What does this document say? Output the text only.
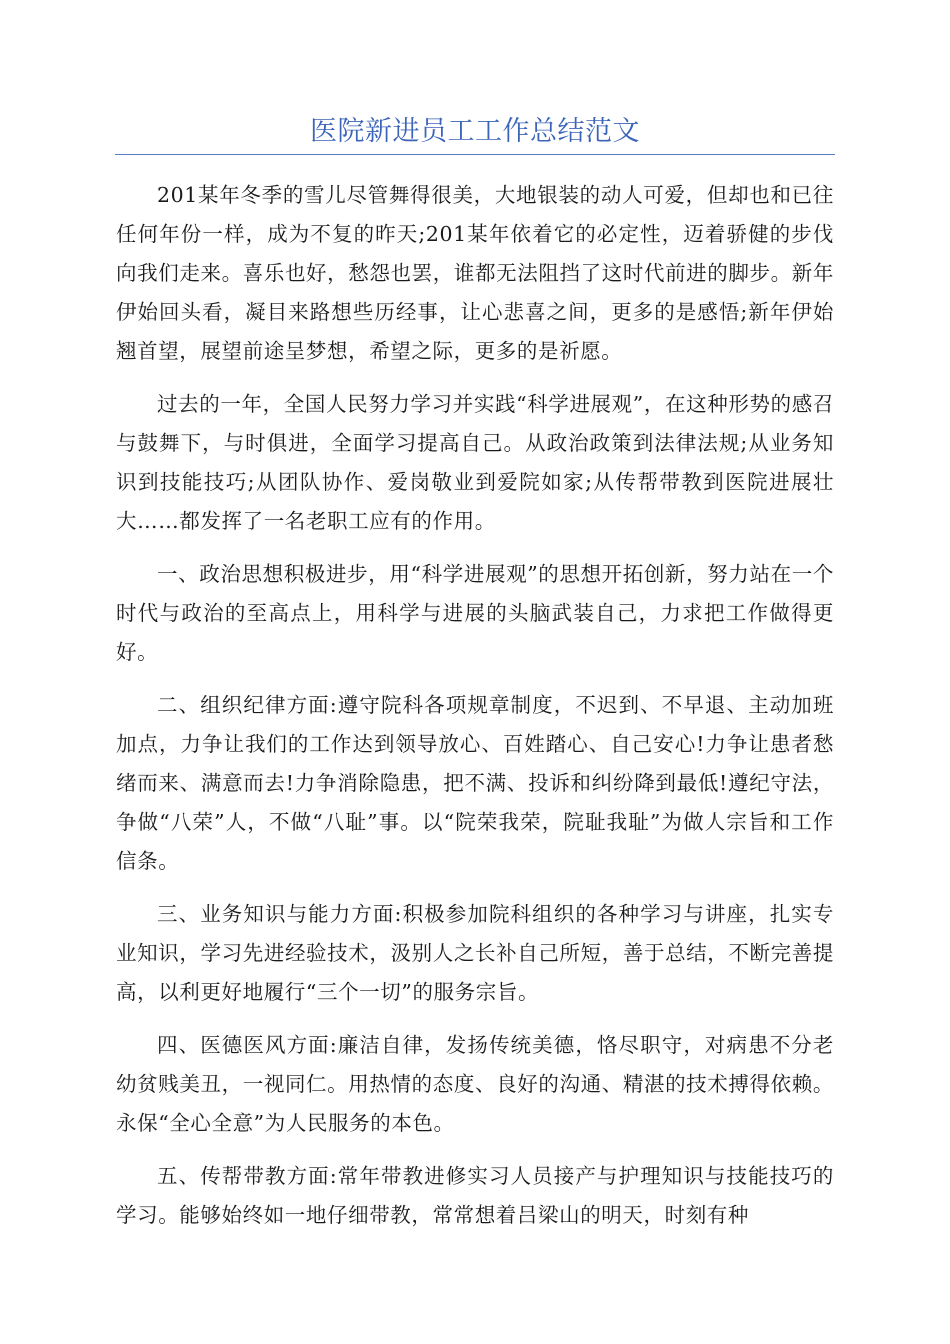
医院新进员工工作总结范文

201某年冬季的雪儿尽管舞得很美，大地银装的动人可爱，但却也和已往任何年份一样，成为不复的昨天;201某年依着它的必定性，迈着骄健的步伐向我们走来。喜乐也好，愁怨也罢，谁都无法阻挡了这时代前进的脚步。新年伊始回头看，凝目来路想些历经事，让心悲喜之间，更多的是感悟;新年伊始翘首望，展望前途呈梦想，希望之际，更多的是祈愿。

过去的一年，全国人民努力学习并实践“科学进展观”，在这种形势的感召与鼓舞下，与时俱进，全面学习提高自己。从政治政策到法律法规;从业务知识到技能技巧;从团队协作、爱岗敬业到爱院如家;从传帮带教到医院进展壮大……都发挥了一名老职工应有的作用。

一、政治思想积极进步，用“科学进展观”的思想开拓创新，努力站在一个时代与政治的至高点上，用科学与进展的头脑武装自己，力求把工作做得更好。

二、组织纪律方面:遵守院科各项规章制度，不迟到、不早退、主动加班加点，力争让我们的工作达到领导放心、百姓踏心、自己安心!力争让患者愁绪而来、满意而去!力争消除隐患，把不满、投诉和纠纷降到最低!遵纪守法，争做“八荣”人，不做“八耻”事。以“院荣我荣，院耻我耻”为做人宗旨和工作信条。

三、业务知识与能力方面:积极参加院科组织的各种学习与讲座，扎实专业知识，学习先进经验技术，汲别人之长补自己所短，善于总结，不断完善提高，以利更好地履行“三个一切”的服务宗旨。

四、医德医风方面:廉洁自律，发扬传统美德，恪尽职守，对病患不分老幼贫贱美丑，一视同仁。用热情的态度、良好的沟通、精湛的技术搏得依赖。永保“全心全意”为人民服务的本色。

五、传帮带教方面:常年带教进修实习人员接产与护理知识与技能技巧的学习。能够始终如一地仔细带教，常常想着吕梁山的明天，时刻有种
